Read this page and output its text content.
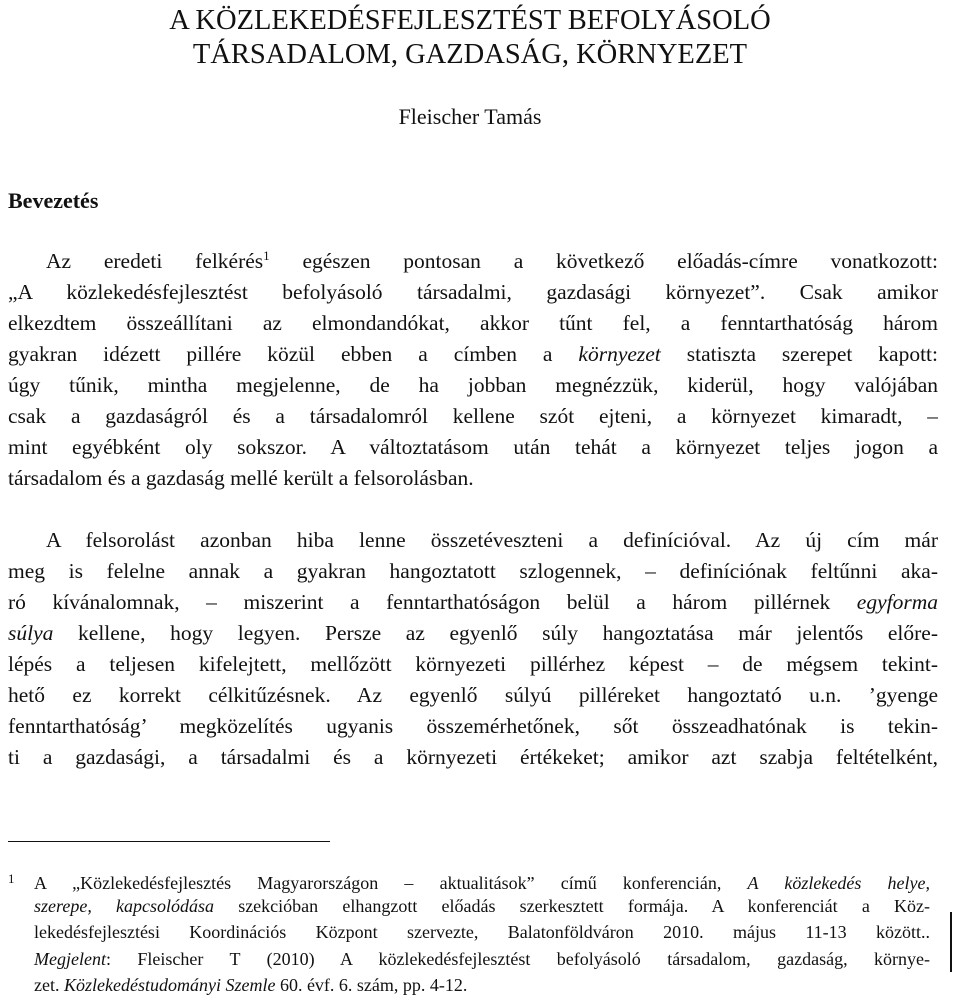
A KÖZLEKEDÉSFEJLESZTÉST BEFOLYÁSOLÓ
TÁRSADALOM, GAZDASÁG, KÖRNYEZET
Fleischer Tamás
Bevezetés
Az eredeti felkérés$^1$ egészen pontosan a következő előadás-címre vonatkozott:
„A közlekedésfejlesztést befolyásoló társadalmi, gazdasági környezet”. Csak amikor
elkezdtem összeállítani az elmondandókat, akkor tűnt fel, a fenntarthatóság három
gyakran idézett pillére közül ebben a címben a környezet statiszta szerepet kapott:
úgy tűnik, mintha megjelenne, de ha jobban megnézzük, kiderül, hogy valójában
csak a gazdaságról és a társadalomról kellene szót ejteni, a környezet kimaradt, –
mint egyébként oly sokszor. A változtatásom után tehát a környezet teljes jogon a
társadalom és a gazdaság mellé került a felsorolásban.
A felsorolást azonban hiba lenne összetéveszteni a definícióval. Az új cím már
meg is felelne annak a gyakran hangoztatott szlogennek, – definíciónak feltűnni aka-
ró kívánalomnak, – miszerint a fenntarthatóságon belül a három pillérnek egyforma
súlya kellene, hogy legyen. Persze az egyenlő súly hangoztatása már jelentős előre-
lépés a teljesen kifelejtett, mellőzött környezeti pillérhez képest – de mégsem tekint-
hető ez korrekt célkitűzésnek. Az egyenlő súlyú pilléreket hangoztató u.n. ’gyenge
fenntarthatóság’ megközelítés ugyanis összemérhetőnek, sőt összeadhatónak is tekin-
ti a gazdasági, a társadalmi és a környezeti értékeket; amikor azt szabja feltételként,
1 A „Közlekedésfejlesztés Magyarországon – aktualitások” című konferencián, A közlekedés helye,
szerepe, kapcsolódása szekcióban elhangzott előadás szerkesztett formája. A konferenciát a Köz-
lekedésfejlesztési Koordinációs Központ szervezte, Balatonföldváron 2010. május 11-13 között..
Megjelent: Fleischer T (2010) A közlekedésfejlesztést befolyásoló társadalom, gazdaság, környe-
zet. Közlekedéstudományi Szemle 60. évf. 6. szám, pp. 4-12.
